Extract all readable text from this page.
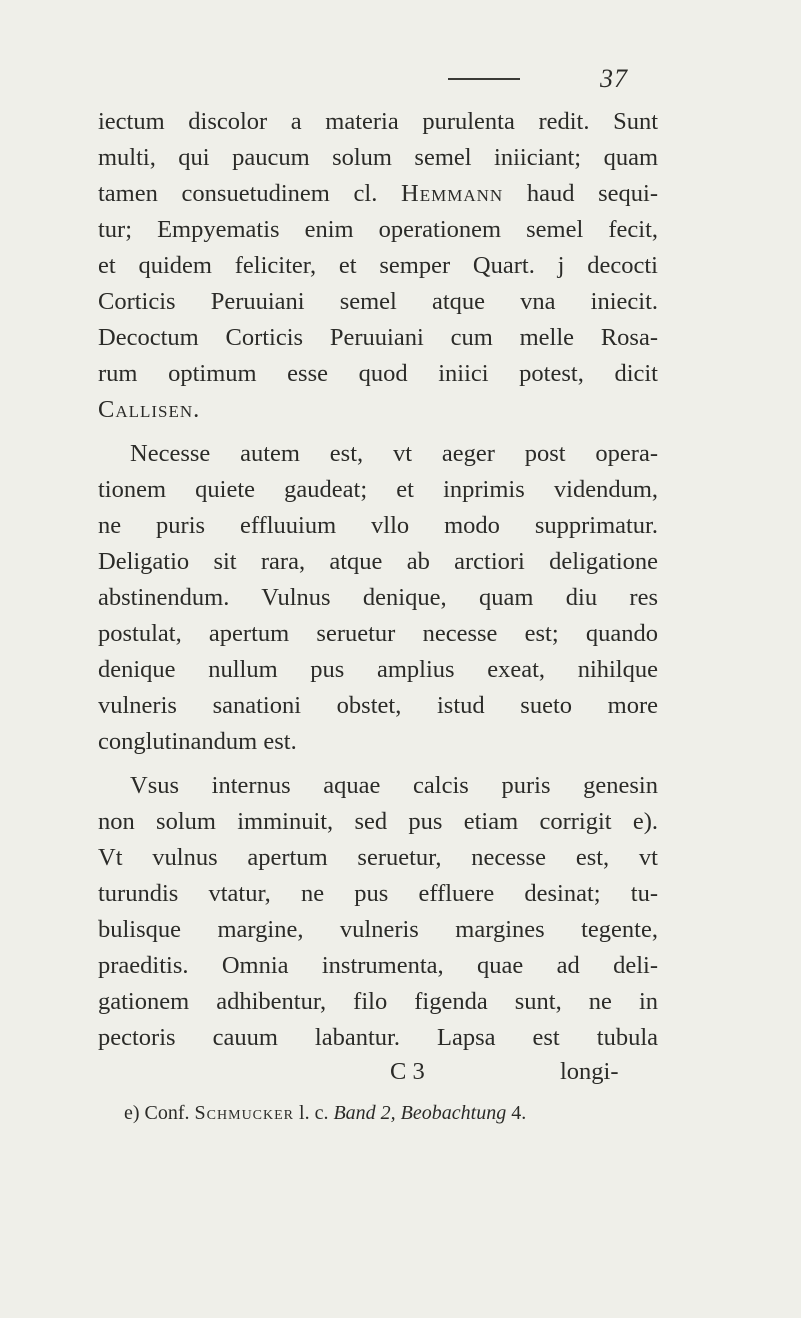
37
iectum discolor a materia purulenta redit. Sunt
multi, qui paucum solum semel iniiciant; quam
tamen consuetudinem cl. Hemmann haud sequi-
tur; Empyematis enim operationem semel fecit,
et quidem feliciter, et semper Quart. j decocti
Corticis Peruuiani semel atque vna iniecit.
Decoctum Corticis Peruuiani cum melle Rosa-
rum optimum esse quod iniici potest, dicit
Callisen.
Necesse autem est, vt aeger post opera-
tionem quiete gaudeat; et inprimis videndum,
ne puris effluuium vllo modo supprimatur.
Deligatio sit rara, atque ab arctiori deligatione
abstinendum. Vulnus denique, quam diu res
postulat, apertum seruetur necesse est; quando
denique nullum pus amplius exeat, nihilque
vulneris sanationi obstet, istud sueto more
conglutinandum est.
Vsus internus aquae calcis puris genesin
non solum imminuit, sed pus etiam corrigit e).
Vt vulnus apertum seruetur, necesse est, vt
turundis vtatur, ne pus effluere desinat; tu-
bulisque margine, vulneris margines tegente,
praeditis. Omnia instrumenta, quae ad deli-
gationem adhibentur, filo figenda sunt, ne in
pectoris cauum labantur. Lapsa est tubula
C 3	longi-
e) Conf. Schmucker l. c. Band 2, Beobachtung 4.
